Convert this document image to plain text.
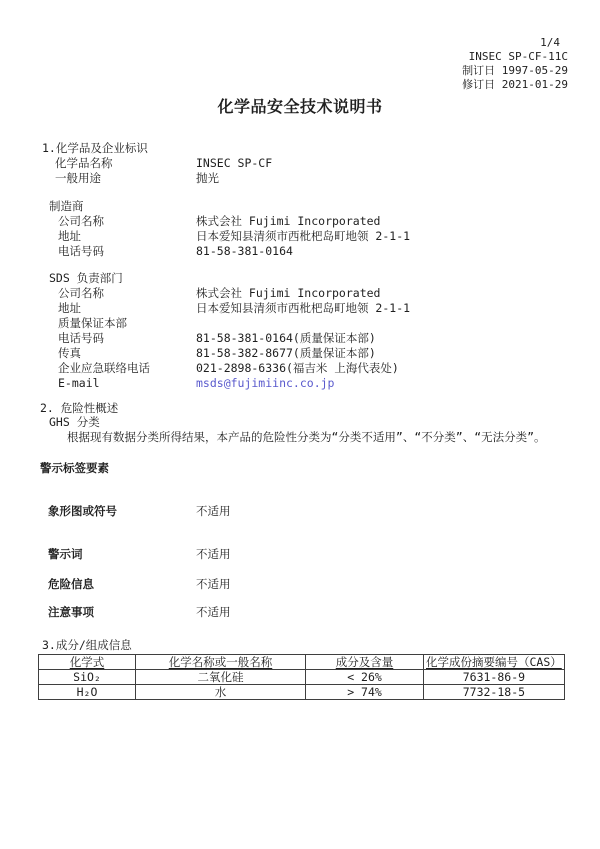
1/4
INSEC SP-CF-11C
制订日 1997-05-29
修订日 2021-01-29
化学品安全技术说明书
1.化学品及企业标识
化学品名称	INSEC SP-CF
一般用途	抛光
制造商
公司名称	株式会社 Fujimi Incorporated
地址	日本爱知县清须市西枇杷岛町地领 2-1-1
电话号码	81-58-381-0164
SDS 负责部门
公司名称	株式会社 Fujimi Incorporated
地址	日本爱知县清须市西枇杷岛町地领 2-1-1
质量保证本部
电话号码	81-58-381-0164(质量保证本部)
传真	81-58-382-8677(质量保证本部)
企业应急联络电话	021-2898-6336(福吉米 上海代表处)
E-mail	msds@fujimiinc.co.jp
2. 危险性概述
GHS 分类
根据现有数据分类所得结果，本产品的危险性分类为“分类不适用”、“不分类”、“无法分类”。
警示标签要素
象形图或符号	不适用
警示词	不适用
危险信息	不适用
注意事项	不适用
3.成分/组成信息
化学式	化学名称或一般名称	成分及含量	化学成份摘要编号（CAS）
SiO₂	二氧化硅	< 26%	7631-86-9
H₂O	水	> 74%	7732-18-5
